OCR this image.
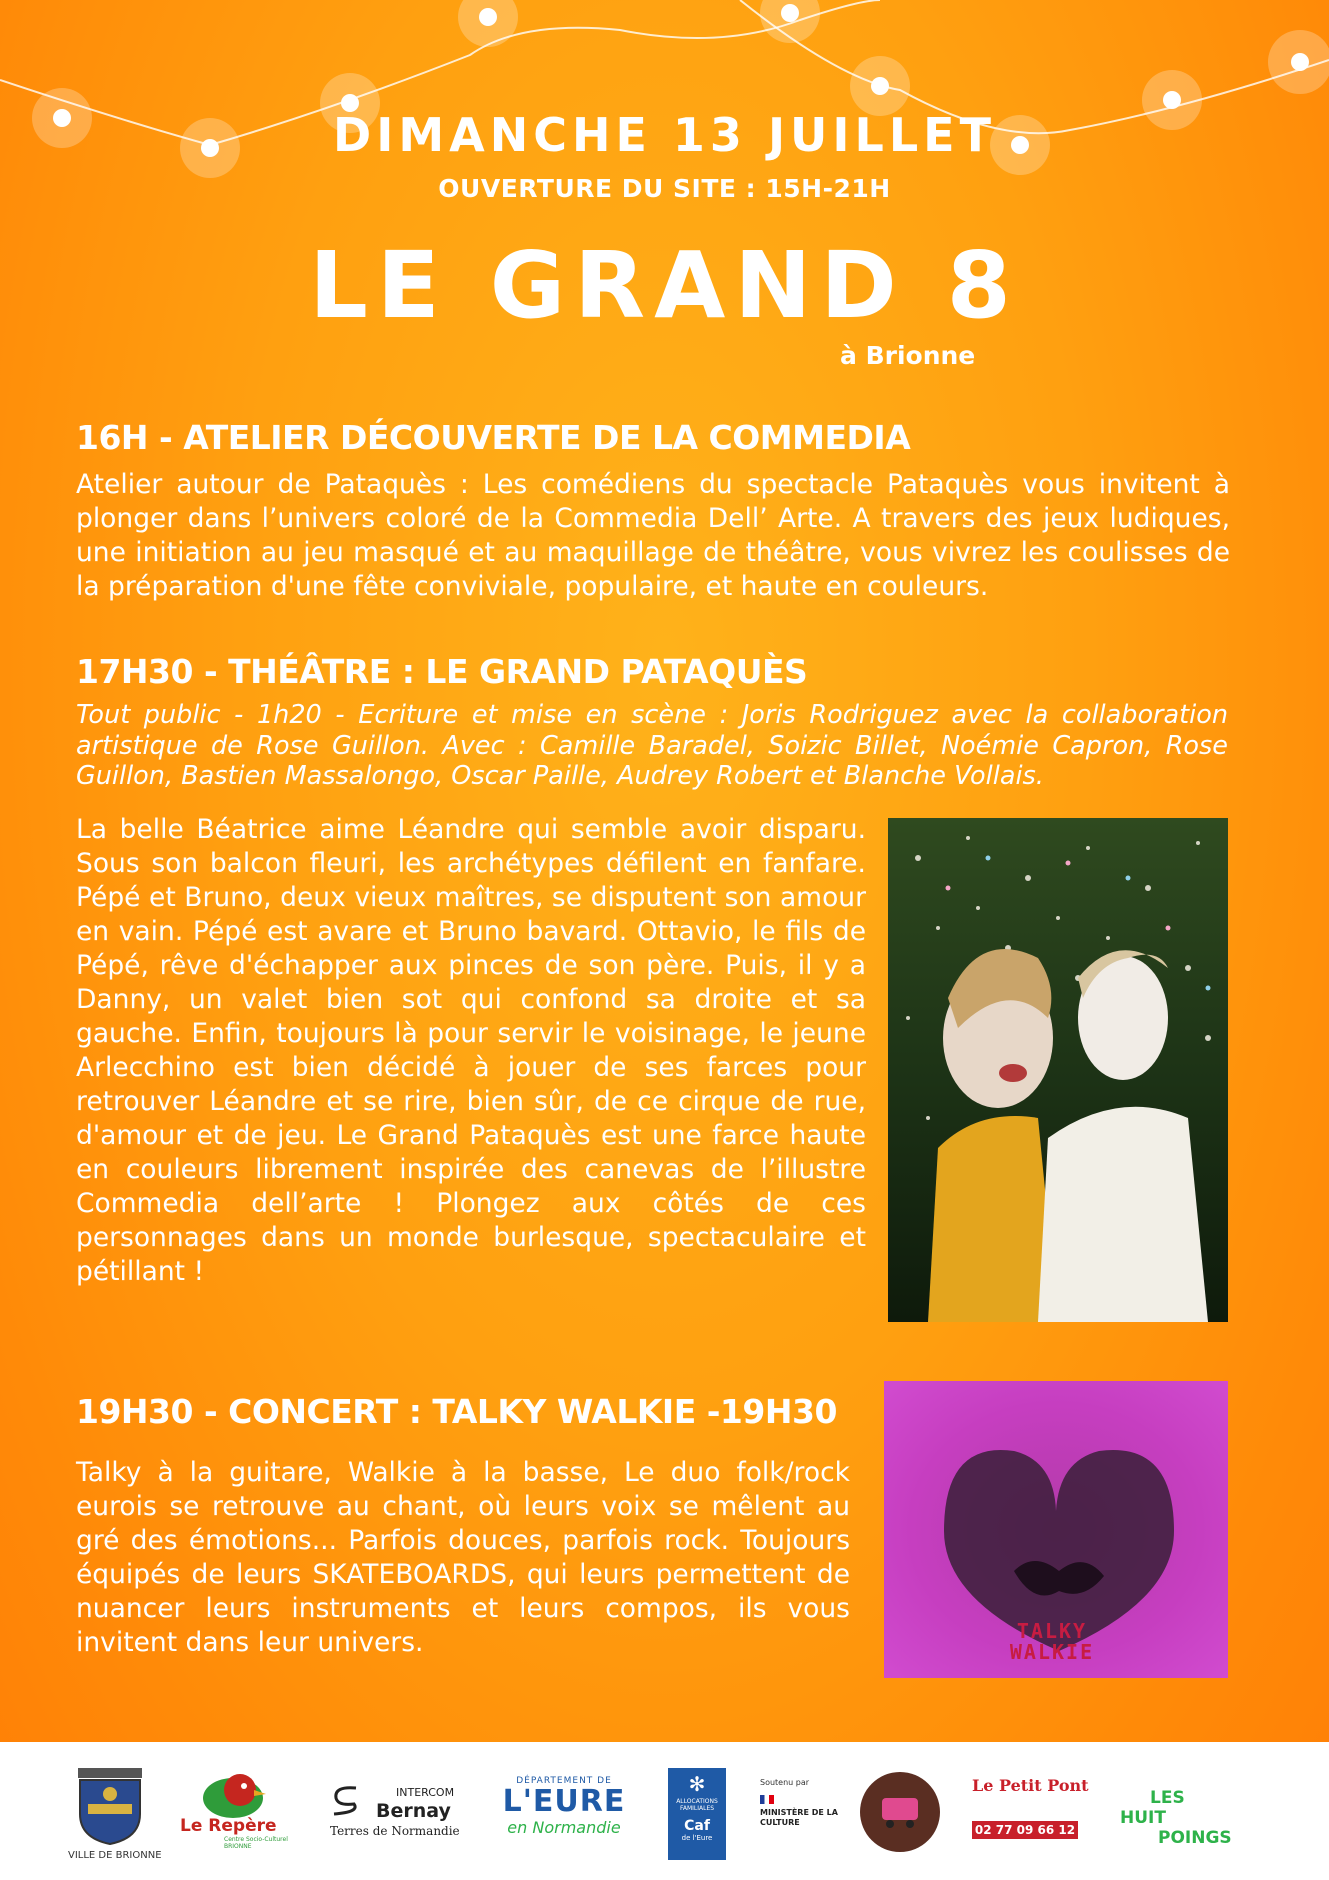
DIMANCHE 13 JUILLET
OUVERTURE DU SITE : 15H-21H
LE GRAND 8
à Brionne
16H - ATELIER DÉCOUVERTE DE LA COMMEDIA
Atelier autour de Pataquès : Les comédiens du spectacle Pataquès vous invitent à plonger dans l’univers coloré de la Commedia Dell’ Arte. A travers des jeux ludiques, une initiation au jeu masqué et au maquillage de théâtre, vous vivrez les coulisses de la préparation d'une fête conviviale, populaire, et haute en couleurs.
17H30 - THÉÂTRE : LE GRAND PATAQUÈS
Tout public - 1h20 - Ecriture et mise en scène : Joris Rodriguez avec la collaboration artistique de Rose Guillon. Avec : Camille Baradel, Soizic Billet, Noémie Capron, Rose Guillon, Bastien Massalongo, Oscar Paille, Audrey Robert et Blanche Vollais.
La belle Béatrice aime Léandre qui semble avoir disparu. Sous son balcon fleuri, les archétypes défilent en fanfare. Pépé et Bruno, deux vieux maîtres, se disputent son amour en vain. Pépé est avare et Bruno bavard. Ottavio, le fils de Pépé, rêve d'échapper aux pinces de son père. Puis, il y a Danny, un valet bien sot qui confond sa droite et sa gauche. Enfin, toujours là pour servir le voisinage, le jeune Arlecchino est bien décidé à jouer de ses farces pour retrouver Léandre et se rire, bien sûr, de ce cirque de rue, d'amour et de jeu. Le Grand Pataquès est une farce haute en couleurs librement inspirée des canevas de l’illustre Commedia dell’arte ! Plongez aux côtés de ces personnages dans un monde burlesque, spectaculaire et pétillant !
19H30 - CONCERT : TALKY WALKIE -19H30
Talky à la guitare, Walkie à la basse, Le duo folk/rock eurois se retrouve au chant, où leurs voix se mêlent au gré des émotions... Parfois douces, parfois rock. Toujours équipés de leurs SKATEBOARDS, qui leurs permettent de nuancer leurs instruments et leurs compos, ils vous invitent dans leur univers.	TALKY WALKIE
VILLE DE BRIONNE
Le Repère
Centre Socio-Culturel BRIONNE
INTERCOM
Bernay
Terres de Normandie
DÉPARTEMENT DE
L'EURE
en Normandie
✻
ALLOCATIONS FAMILIALES
Caf
de l'Eure
Soutenu par
MINISTÈRE DE LA CULTURE
Le Petit Pont
02 77 09 66 12
LES
HUIT
POINGS
